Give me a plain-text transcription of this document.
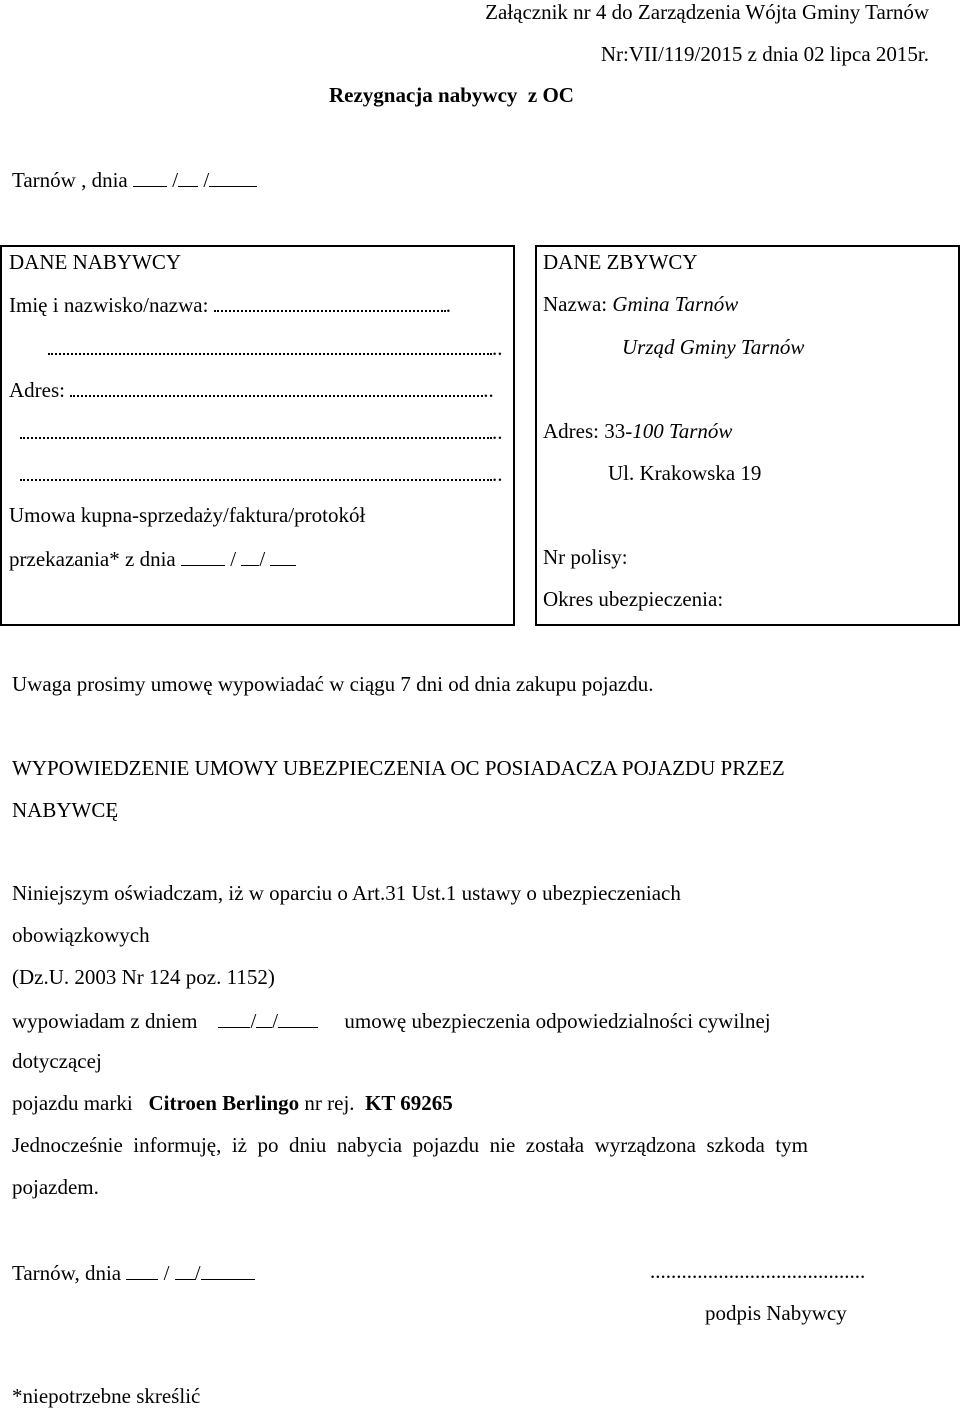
Załącznik nr 4 do Zarządzenia Wójta Gminy Tarnów
Nr:VII/119/2015 z dnia 02 lipca 2015r.
Rezygnacja nabywcy  z OC
Tarnów , dnia / /
DANE NABYWCY
Imię i nazwisko/nazwa:	.
..
Adres:	..
..
..
Umowa kupna-sprzedaży/faktura/protokół
przekazania* z dnia	/ /
DANE ZBYWCY
Nazwa: Gmina Tarnów
Urząd Gminy Tarnów
Adres: 33-100 Tarnów
Ul. Krakowska 19
Nr polisy:
Okres ubezpieczenia:
Uwaga prosimy umowę wypowiadać w ciągu 7 dni od dnia zakupu pojazdu.
WYPOWIEDZENIE UMOWY UBEZPIECZENIA OC POSIADACZA POJAZDU PRZEZ
NABYWCĘ
Niniejszym oświadczam, iż w oparciu o Art.31 Ust.1 ustawy o ubezpieczeniach
obowiązkowych
(Dz.U. 2003 Nr 124 poz. 1152)
wypowiadam z dniem	/ /	umowę ubezpieczenia odpowiedzialności cywilnej
dotyczącej
pojazdu marki Citroen Berlingo nr rej. KT 69265
Jednocześnie  informuję,  iż  po  dniu  nabycia  pojazdu  nie  została  wyrządzona  szkoda  tym
pojazdem.
Tarnów, dnia / /	.........................................
podpis Nabywcy
*niepotrzebne skreślić
